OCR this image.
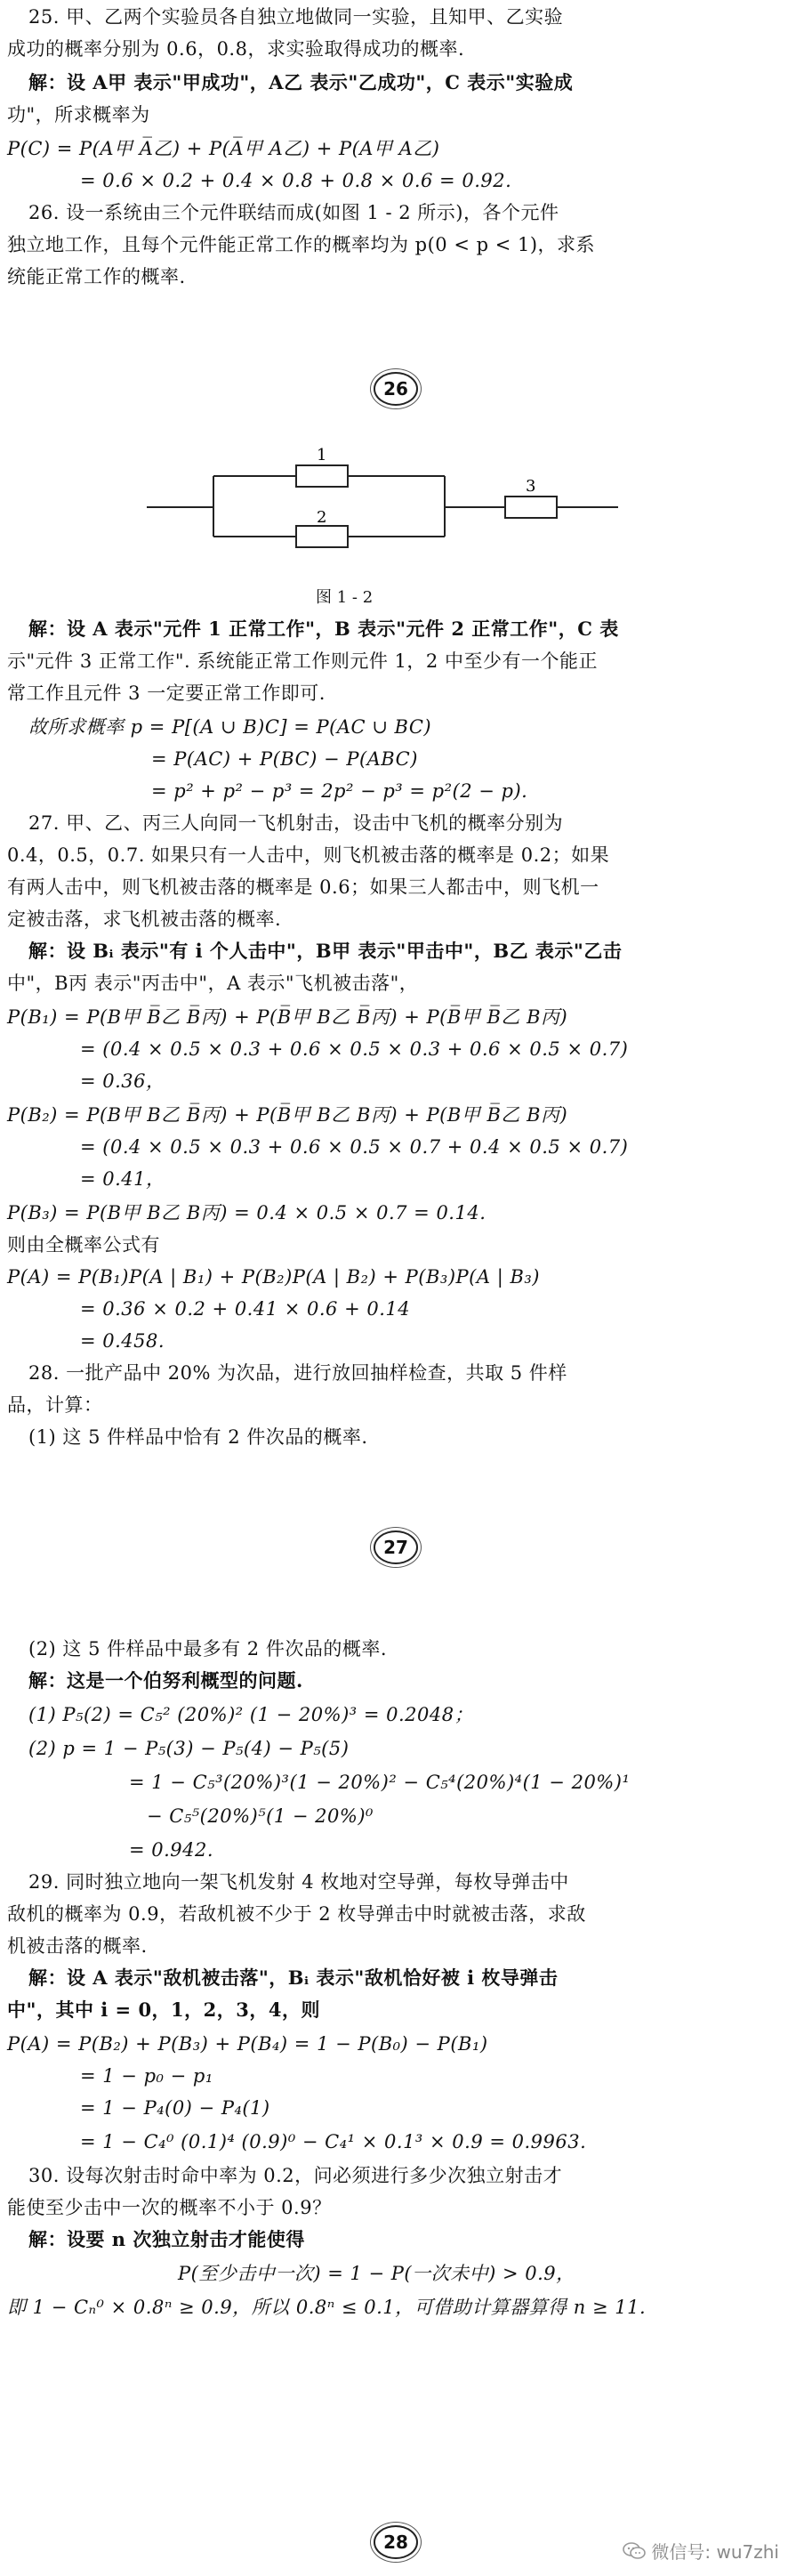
25. 甲、乙两个实验员各自独立地做同一实验，且知甲、乙实验
成功的概率分别为 0.6，0.8，求实验取得成功的概率.
解：设 A甲 表示"甲成功"，A乙 表示"乙成功"，C 表示"实验成
功"，所求概率为
P(C) = P(A甲 A̅乙) + P(A̅甲 A乙) + P(A甲 A乙)
= 0.6 × 0.2 + 0.4 × 0.8 + 0.8 × 0.6 = 0.92.
26. 设一系统由三个元件联结而成(如图 1 - 2 所示)，各个元件
独立地工作，且每个元件能正常工作的概率均为 p(0 < p < 1)，求系
统能正常工作的概率.
26
1
2
3
图 1 - 2
解：设 A 表示"元件 1 正常工作"，B 表示"元件 2 正常工作"，C 表
示"元件 3 正常工作". 系统能正常工作则元件 1，2 中至少有一个能正
常工作且元件 3 一定要正常工作即可.
故所求概率 p = P[(A ∪ B)C] = P(AC ∪ BC)
= P(AC) + P(BC) − P(ABC)
= p² + p² − p³ = 2p² − p³ = p²(2 − p).
27. 甲、乙、丙三人向同一飞机射击，设击中飞机的概率分别为
0.4，0.5，0.7. 如果只有一人击中，则飞机被击落的概率是 0.2；如果
有两人击中，则飞机被击落的概率是 0.6；如果三人都击中，则飞机一
定被击落，求飞机被击落的概率.
解：设 Bᵢ 表示"有 i 个人击中"，B甲 表示"甲击中"，B乙 表示"乙击
中"，B丙 表示"丙击中"，A 表示"飞机被击落"，
P(B₁) = P(B甲 B̅乙 B̅丙) + P(B̅甲 B乙 B̅丙) + P(B̅甲 B̅乙 B丙)
= (0.4 × 0.5 × 0.3 + 0.6 × 0.5 × 0.3 + 0.6 × 0.5 × 0.7)
= 0.36，
P(B₂) = P(B甲 B乙 B̅丙) + P(B̅甲 B乙 B丙) + P(B甲 B̅乙 B丙)
= (0.4 × 0.5 × 0.3 + 0.6 × 0.5 × 0.7 + 0.4 × 0.5 × 0.7)
= 0.41，
P(B₃) = P(B甲 B乙 B丙) = 0.4 × 0.5 × 0.7 = 0.14.
则由全概率公式有
P(A) = P(B₁)P(A | B₁) + P(B₂)P(A | B₂) + P(B₃)P(A | B₃)
= 0.36 × 0.2 + 0.41 × 0.6 + 0.14
= 0.458.
28. 一批产品中 20% 为次品，进行放回抽样检查，共取 5 件样
品，计算：
(1) 这 5 件样品中恰有 2 件次品的概率.
27
(2) 这 5 件样品中最多有 2 件次品的概率.
解：这是一个伯努利概型的问题.
(1) P₅(2) = C₅² (20%)² (1 − 20%)³ = 0.2048；
(2) p = 1 − P₅(3) − P₅(4) − P₅(5)
= 1 − C₅³(20%)³(1 − 20%)² − C₅⁴(20%)⁴(1 − 20%)¹
− C₅⁵(20%)⁵(1 − 20%)⁰
= 0.942.
29. 同时独立地向一架飞机发射 4 枚地对空导弹，每枚导弹击中
敌机的概率为 0.9，若敌机被不少于 2 枚导弹击中时就被击落，求敌
机被击落的概率.
解：设 A 表示"敌机被击落"，Bᵢ 表示"敌机恰好被 i 枚导弹击
中"，其中 i = 0，1，2，3，4，则
P(A) = P(B₂) + P(B₃) + P(B₄) = 1 − P(B₀) − P(B₁)
= 1 − p₀ − p₁
= 1 − P₄(0) − P₄(1)
= 1 − C₄⁰ (0.1)⁴ (0.9)⁰ − C₄¹ × 0.1³ × 0.9 = 0.9963.
30. 设每次射击时命中率为 0.2，问必须进行多少次独立射击才
能使至少击中一次的概率不小于 0.9？
解：设要 n 次独立射击才能使得
P(至少击中一次) = 1 − P(一次未中) > 0.9，
即 1 − Cₙ⁰ × 0.8ⁿ ≥ 0.9，所以 0.8ⁿ ≤ 0.1，可借助计算器算得 n ≥ 11.
28	微信号: wu7zhi
